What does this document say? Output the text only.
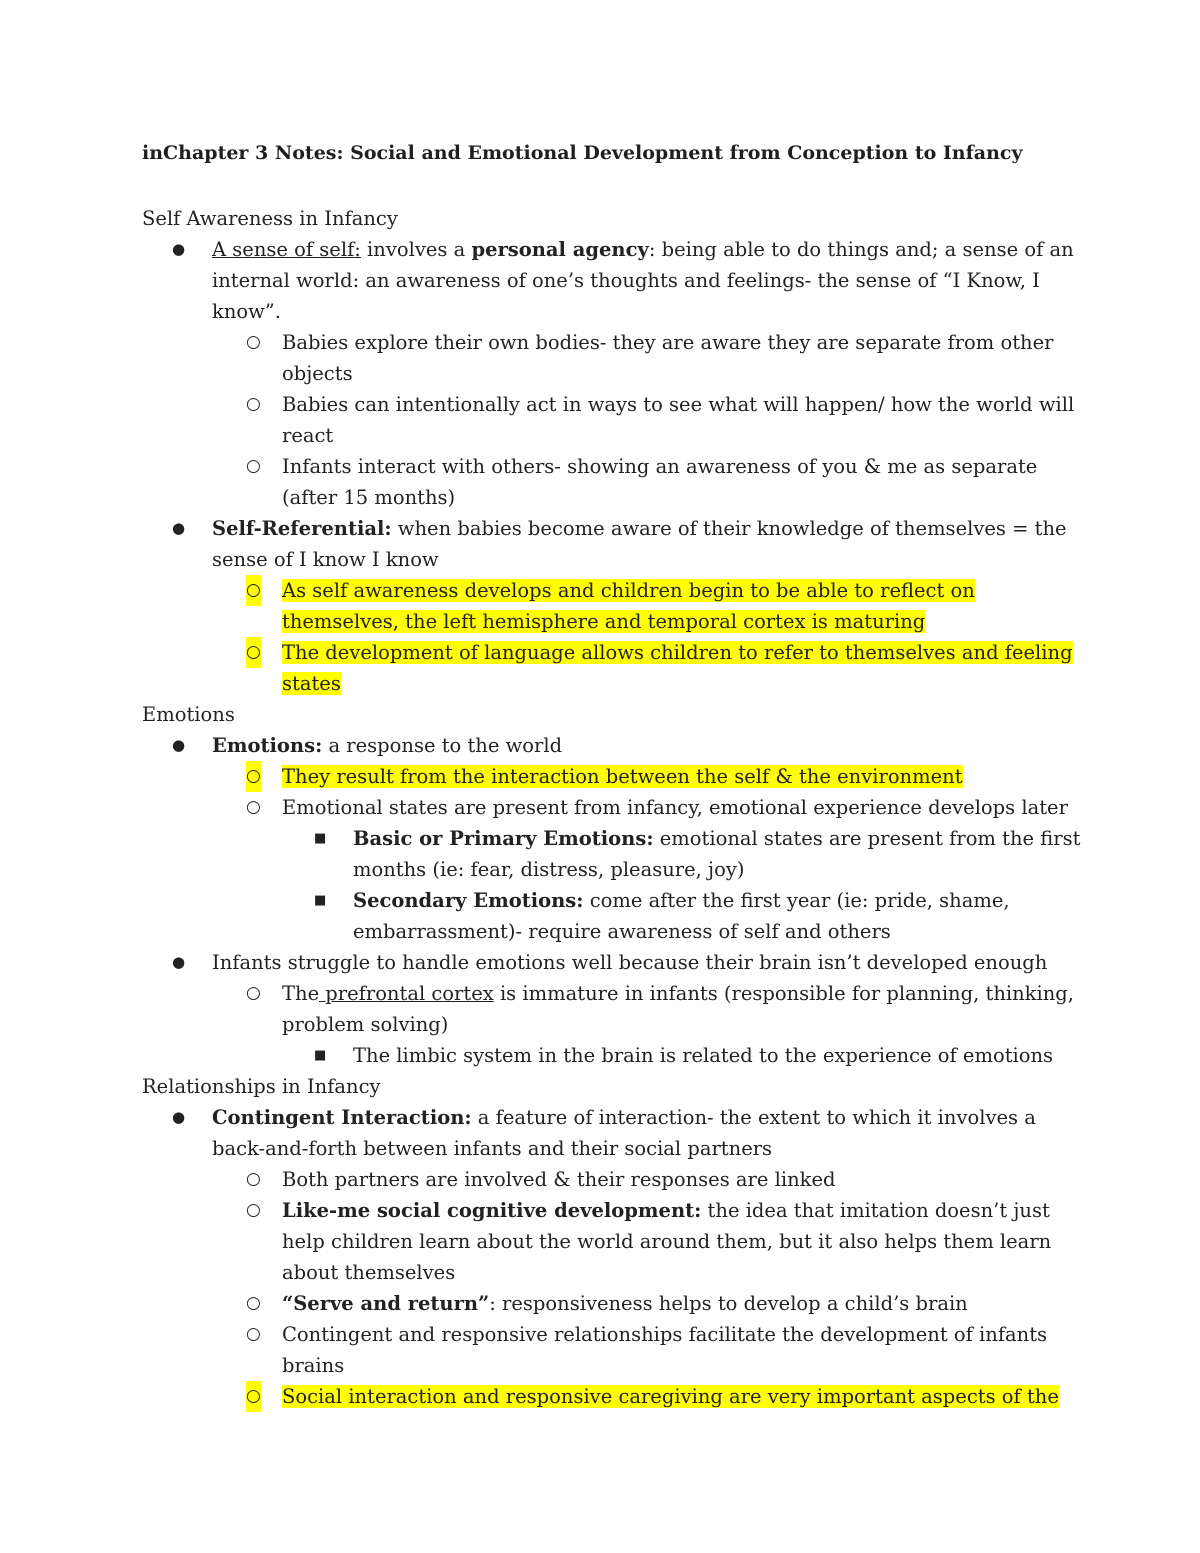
inChapter 3 Notes: Social and Emotional Development from Conception to Infancy
Self Awareness in Infancy
● A sense of self: involves a personal agency: being able to do things and; a sense of an internal world: an awareness of one’s thoughts and feelings- the sense of “I Know, I know”.
○ Babies explore their own bodies- they are aware they are separate from other objects
○ Babies can intentionally act in ways to see what will happen/ how the world will react
○ Infants interact with others- showing an awareness of you & me as separate (after 15 months)
● Self-Referential: when babies become aware of their knowledge of themselves = the sense of I know I know
○ As self awareness develops and children begin to be able to reflect on themselves, the left hemisphere and temporal cortex is maturing
○ The development of language allows children to refer to themselves and feeling states
Emotions
● Emotions: a response to the world
○ They result from the interaction between the self & the environment
○ Emotional states are present from infancy, emotional experience develops later
■ Basic or Primary Emotions: emotional states are present from the first months (ie: fear, distress, pleasure, joy)
■ Secondary Emotions: come after the first year (ie: pride, shame, embarrassment)- require awareness of self and others
● Infants struggle to handle emotions well because their brain isn’t developed enough
○ The prefrontal cortex is immature in infants (responsible for planning, thinking, problem solving)
■ The limbic system in the brain is related to the experience of emotions
Relationships in Infancy
● Contingent Interaction: a feature of interaction- the extent to which it involves a back-and-forth between infants and their social partners
○ Both partners are involved & their responses are linked
○ Like-me social cognitive development: the idea that imitation doesn’t just help children learn about the world around them, but it also helps them learn about themselves
○ “Serve and return”: responsiveness helps to develop a child’s brain
○ Contingent and responsive relationships facilitate the development of infants brains
○ Social interaction and responsive caregiving are very important aspects of the
